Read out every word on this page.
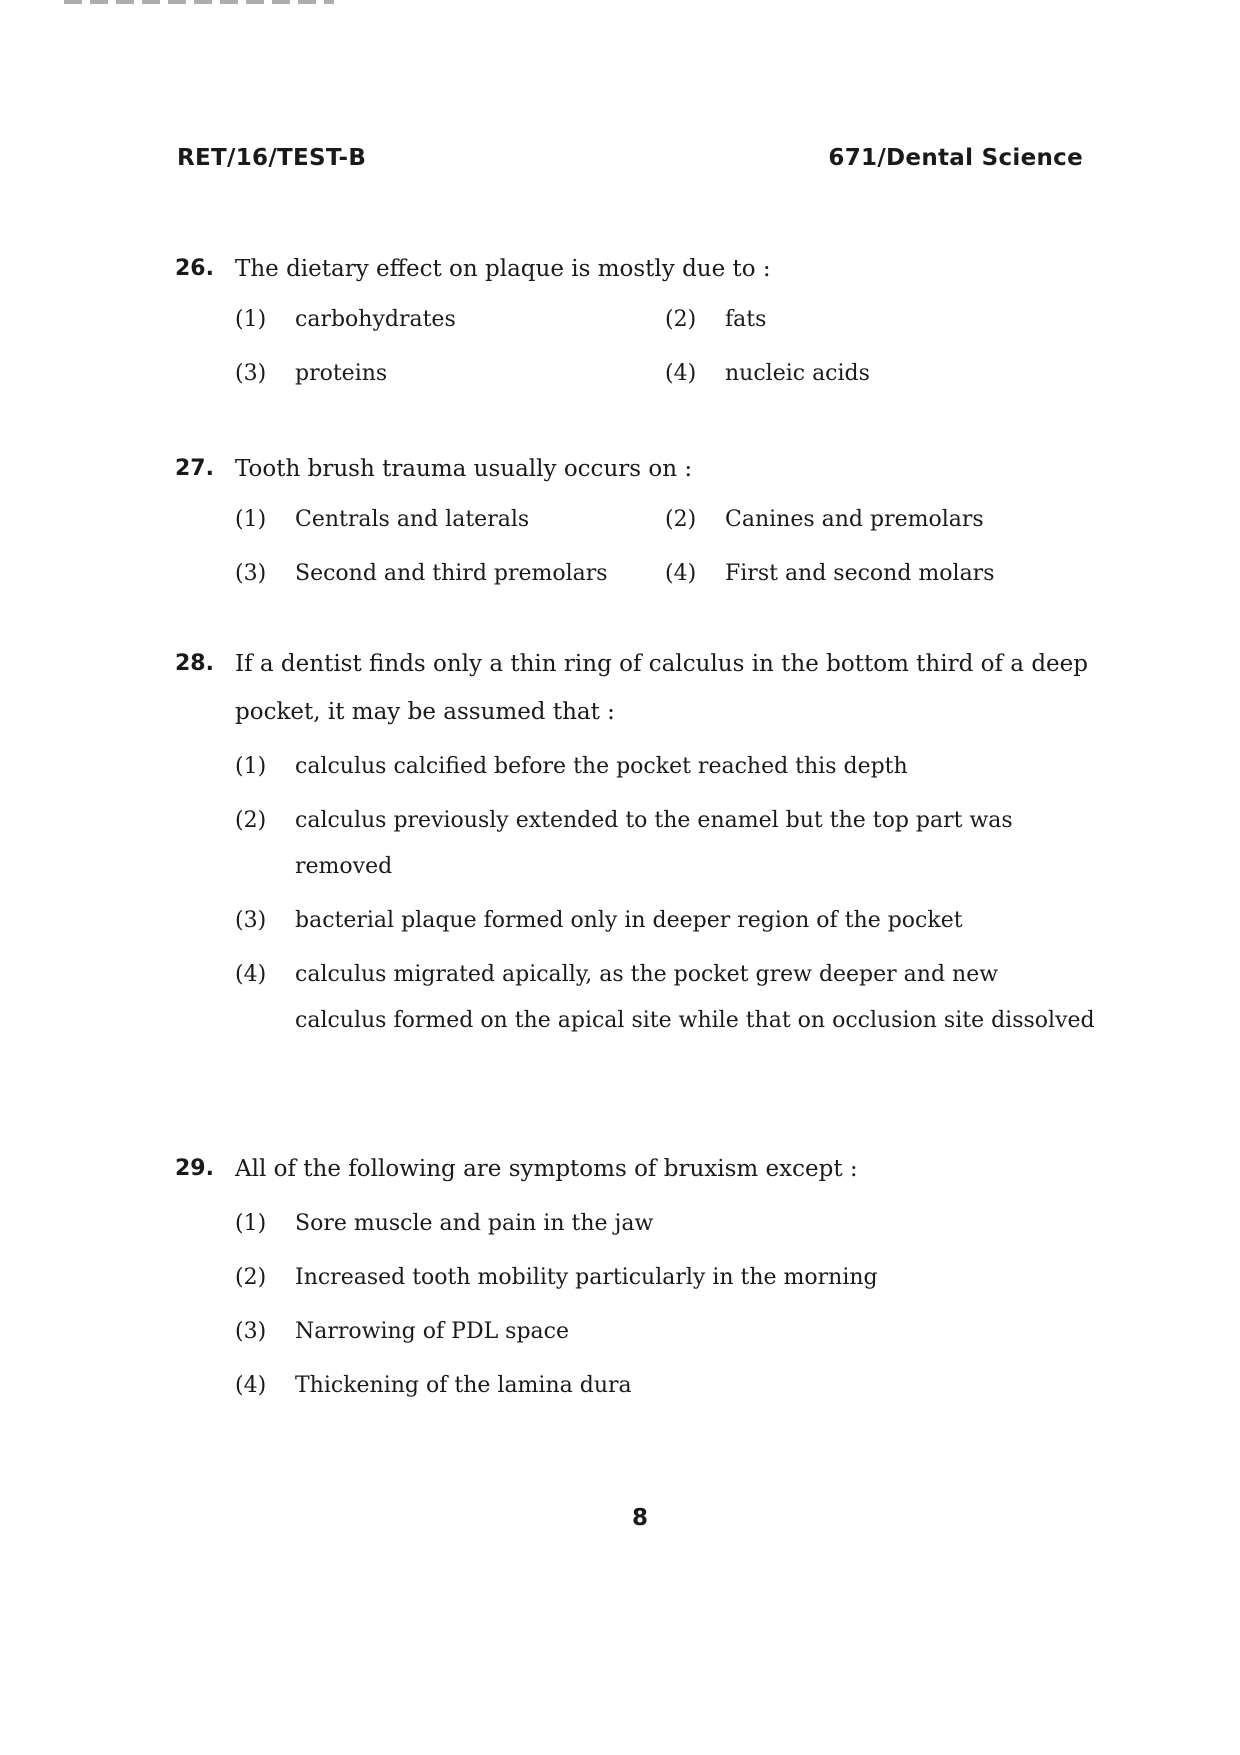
RET/16/TEST-B	671/Dental Science
26. The dietary effect on plaque is mostly due to :
(1)	carbohydrates	(2)	fats
(3)	proteins	(4)	nucleic acids
27. Tooth brush trauma usually occurs on :
(1)	Centrals and laterals	(2)	Canines and premolars
(3)	Second and third premolars	(4)	First and second molars
28. If a dentist finds only a thin ring of calculus in the bottom third of a deep pocket, it may be assumed that :
(1)	calculus calcified before the pocket reached this depth
(2)	calculus previously extended to the enamel but the top part was removed
(3)	bacterial plaque formed only in deeper region of the pocket
(4)	calculus migrated apically, as the pocket grew deeper and new calculus formed on the apical site while that on occlusion site dissolved
29. All of the following are symptoms of bruxism except :
(1)	Sore muscle and pain in the jaw
(2)	Increased tooth mobility particularly in the morning
(3)	Narrowing of PDL space
(4)	Thickening of the lamina dura
8
